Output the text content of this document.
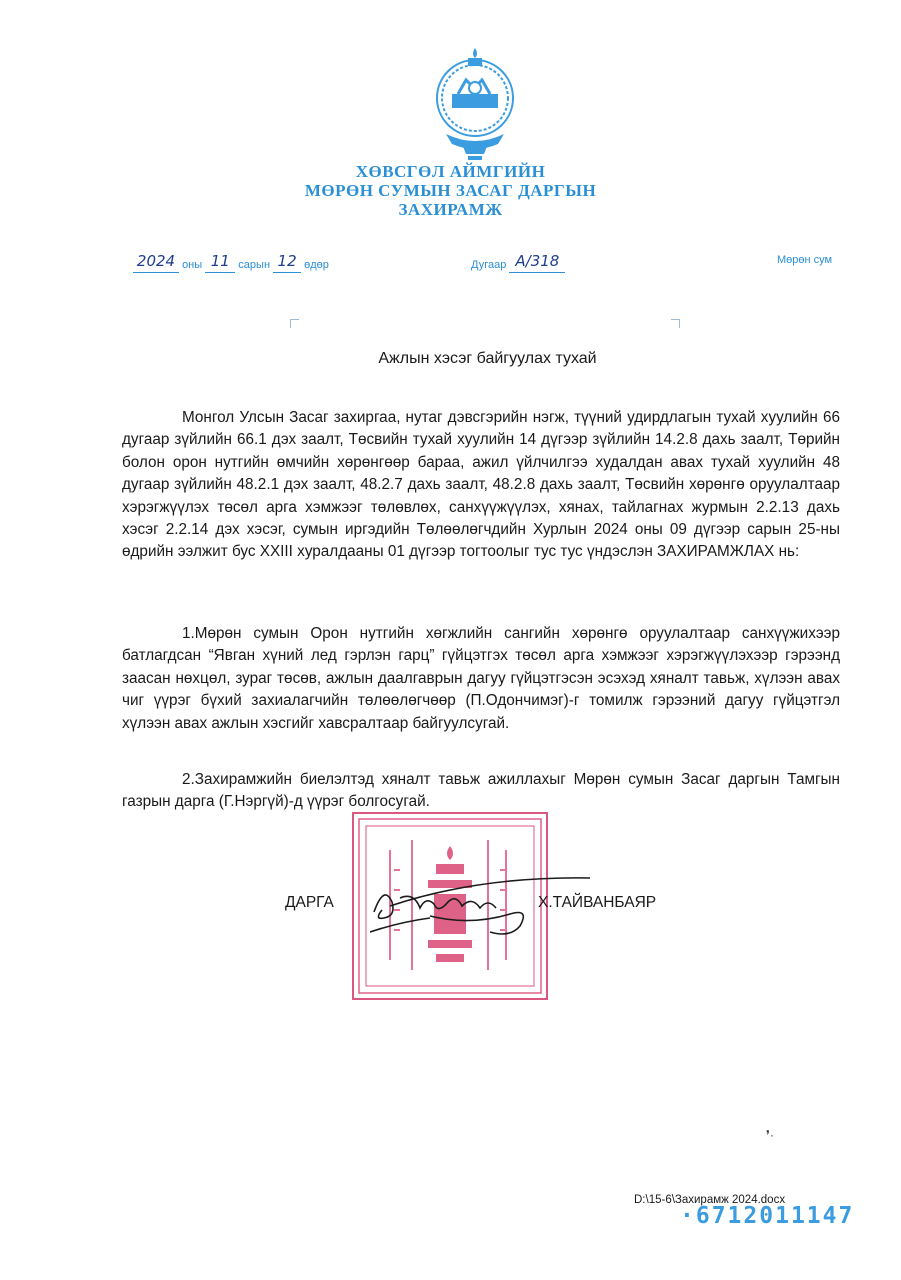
ХӨВСГӨЛ АЙМГИЙН
МӨРӨН СУМЫН ЗАСАГ ДАРГЫН
ЗАХИРАМЖ
2024 оны 11 сарын 12 өдөр	Дугаар А/318	Мөрөн сум
Ажлын хэсэг байгуулах тухай

Монгол Улсын Засаг захиргаа, нутаг дэвсгэрийн нэгж, түүний удирдлагын тухай хуулийн 66 дугаар зүйлийн 66.1 дэх заалт, Төсвийн тухай хуулийн 14 дүгээр зүйлийн 14.2.8 дахь заалт, Төрийн болон орон нутгийн өмчийн хөрөнгөөр бараа, ажил үйлчилгээ худалдан авах тухай хуулийн 48 дугаар зүйлийн 48.2.1 дэх заалт, 48.2.7 дахь заалт, 48.2.8 дахь заалт, Төсвийн хөрөнгө оруулалтаар хэрэгжүүлэх төсөл арга хэмжээг төлөвлөх, санхүүжүүлэх, хянах, тайлагнах журмын 2.2.13 дахь хэсэг 2.2.14 дэх хэсэг, сумын иргэдийн Төлөөлөгчдийн Хурлын 2024 оны 09 дүгээр сарын 25-ны өдрийн ээлжит бус XXIII хуралдааны 01 дүгээр тогтоолыг тус тус үндэслэн ЗАХИРАМЖЛАХ нь:

1.Мөрөн сумын Орон нутгийн хөгжлийн сангийн хөрөнгө оруулалтаар санхүүжихээр батлагдсан “Явган хүний лед гэрлэн гарц” гүйцэтгэх төсөл арга хэмжээг хэрэгжүүлэхээр гэрээнд заасан нөхцөл, зураг төсөв, ажлын даалгаврын дагуу гүйцэтгэсэн эсэхэд хяналт тавьж, хүлээн авах чиг үүрэг бүхий захиалагчийн төлөөлөгчөөр (П.Одончимэг)-г томилж гэрээний дагуу гүйцэтгэл хүлээн авах ажлын хэсгийг хавсралтаар байгуулсугай.

2.Захирамжийн биелэлтэд хяналт тавьж ажиллахыг Мөрөн сумын Засаг даргын Тамгын газрын дарга (Г.Нэргүй)-д үүрэг болгосугай.

ДАРГА	Х.ТАЙВАНБАЯР
❜·
D:\15-6\Захирамж 2024.docx
·6712011147
